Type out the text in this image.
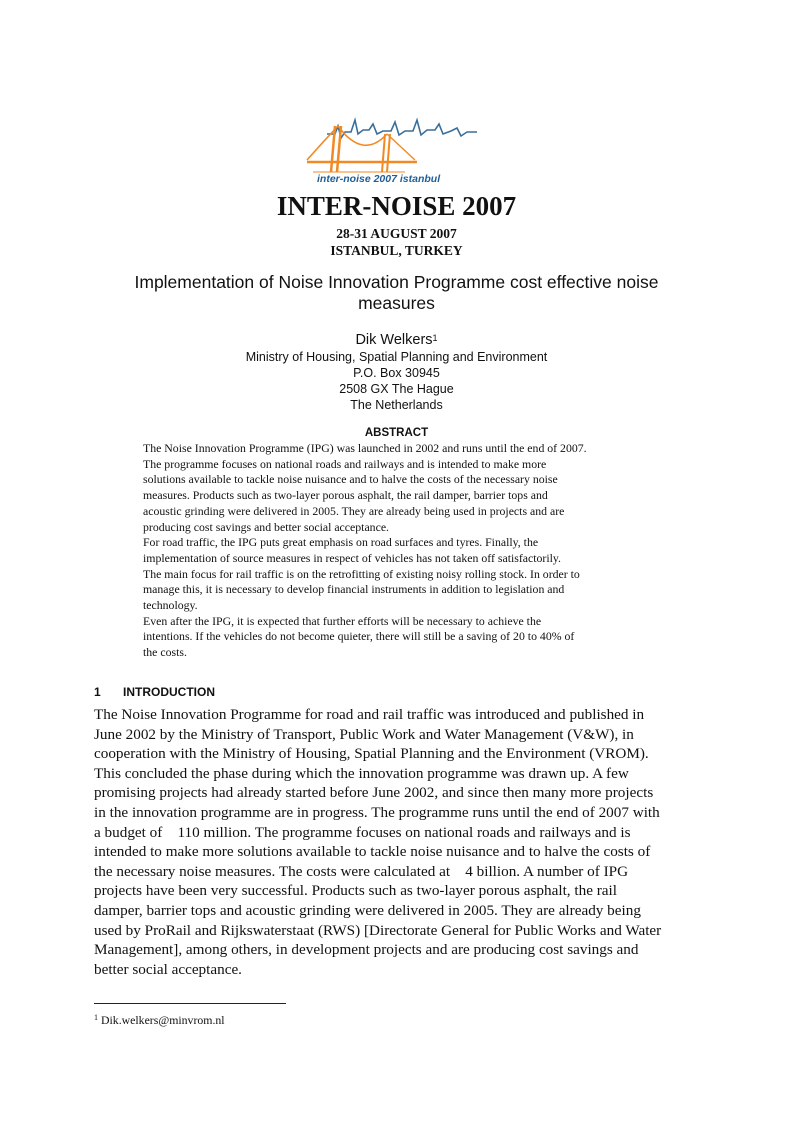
inter-noise 2007 istanbul
INTER-NOISE 2007
28-31 AUGUST 2007
ISTANBUL, TURKEY
Implementation of Noise Innovation Programme cost effective noise measures
Dik Welkers$^1$
Ministry of Housing, Spatial Planning and Environment
P.O. Box 30945
2508 GX The Hague
The Netherlands
ABSTRACT
The Noise Innovation Programme (IPG) was launched in 2002 and runs until the end of 2007.
The programme focuses on national roads and railways and is intended to make more
solutions available to tackle noise nuisance and to halve the costs of the necessary noise
measures. Products such as two-layer porous asphalt, the rail damper, barrier tops and
acoustic grinding were delivered in 2005. They are already being used in projects and are
producing cost savings and better social acceptance.
For road traffic, the IPG puts great emphasis on road surfaces and tyres. Finally, the
implementation of source measures in respect of vehicles has not taken off satisfactorily.
The main focus for rail traffic is on the retrofitting of existing noisy rolling stock. In order to
manage this, it is necessary to develop financial instruments in addition to legislation and
technology.
Even after the IPG, it is expected that further efforts will be necessary to achieve the
intentions. If the vehicles do not become quieter, there will still be a saving of 20 to 40% of
the costs.
1 INTRODUCTION
The Noise Innovation Programme for road and rail traffic was introduced and published in
June 2002 by the Ministry of Transport, Public Work and Water Management (V&W), in
cooperation with the Ministry of Housing, Spatial Planning and the Environment (VROM).
This concluded the phase during which the innovation programme was drawn up. A few
promising projects had already started before June 2002, and since then many more projects
in the innovation programme are in progress. The programme runs until the end of 2007 with
a budget of    110 million. The programme focuses on national roads and railways and is
intended to make more solutions available to tackle noise nuisance and to halve the costs of
the necessary noise measures. The costs were calculated at    4 billion. A number of IPG
projects have been very successful. Products such as two-layer porous asphalt, the rail
damper, barrier tops and acoustic grinding were delivered in 2005. They are already being
used by ProRail and Rijkswaterstaat (RWS) [Directorate General for Public Works and Water
Management], among others, in development projects and are producing cost savings and
better social acceptance.
$^1$ Dik.welkers@minvrom.nl
